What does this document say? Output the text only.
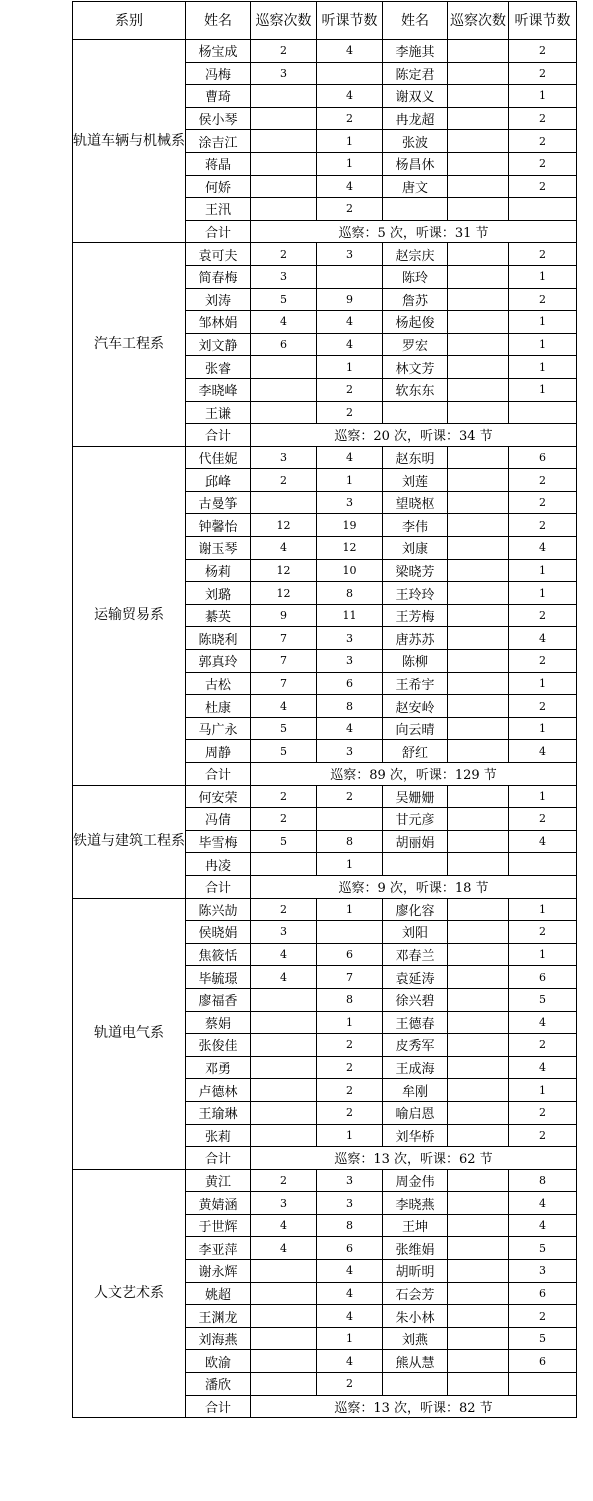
系别	姓名	巡察次数	听课节数	姓名	巡察次数	听课节数
轨道车辆与机械系	杨宝成	2	4	李施其		2
	冯梅	3		陈定君		2
	曹琦		4	谢双义		1
	侯小琴		2	冉龙超		2
	涂吉江		1	张波		2
	蒋晶		1	杨昌休		2
	何娇		4	唐文		2
	王汛		2			
	合计	巡察：5 次，听课：31 节				
汽车工程系	袁可夫	2	3	赵宗庆		2
	简春梅	3		陈玲		1
	刘涛	5	9	詹苏		2
	邹林娟	4	4	杨起俊		1
	刘文静	6	4	罗宏		1
	张睿		1	林文芳		1
	李晓峰		2	软东东		1
	王谦		2			
	合计	巡察：20 次，听课：34 节				
运输贸易系	代佳妮	3	4	赵东明		6
	邱峰	2	1	刘莲		2
	古曼筝		3	望晓枢		2
	钟馨怡	12	19	李伟		2
	谢玉琴	4	12	刘康		4
	杨莉	12	10	梁晓芳		1
	刘璐	12	8	王玲玲		1
	綦英	9	11	王芳梅		2
	陈晓利	7	3	唐苏苏		4
	郭真玲	7	3	陈柳		2
	古松	7	6	王希宇		1
	杜康	4	8	赵安岭		2
	马广永	5	4	向云晴		1
	周静	5	3	舒红		4
	合计	巡察：89 次，听课：129 节				
铁道与建筑工程系	何安荣	2	2	吴姗姗		1
	冯倩	2		甘元彦		2
	毕雪梅	5	8	胡丽娟		4
	冉凌		1			
	合计	巡察：9 次，听课：18 节				
轨道电气系	陈兴劼	2	1	廖化容		1
	侯晓娟	3		刘阳		2
	焦筱恬	4	6	邓春兰		1
	毕毓璟	4	7	袁延涛		6
	廖福香		8	徐兴碧		5
	蔡娟		1	王德春		4
	张俊佳		2	皮秀军		2
	邓勇		2	王成海		4
	卢德林		2	牟刚		1
	王瑜琳		2	喻启恩		2
	张莉		1	刘华桥		2
	合计	巡察：13 次，听课：62 节				
人文艺术系	黄江	2	3	周金伟		8
	黄婧涵	3	3	李晓燕		4
	于世辉	4	8	王坤		4
	李亚萍	4	6	张维娟		5
	谢永辉		4	胡昕明		3
	姚超		4	石会芳		6
	王渊龙		4	朱小林		2
	刘海燕		1	刘燕		5
	欧渝		4	熊从慧		6
	潘欣		2			
	合计	巡察：13 次，听课：82 节				
